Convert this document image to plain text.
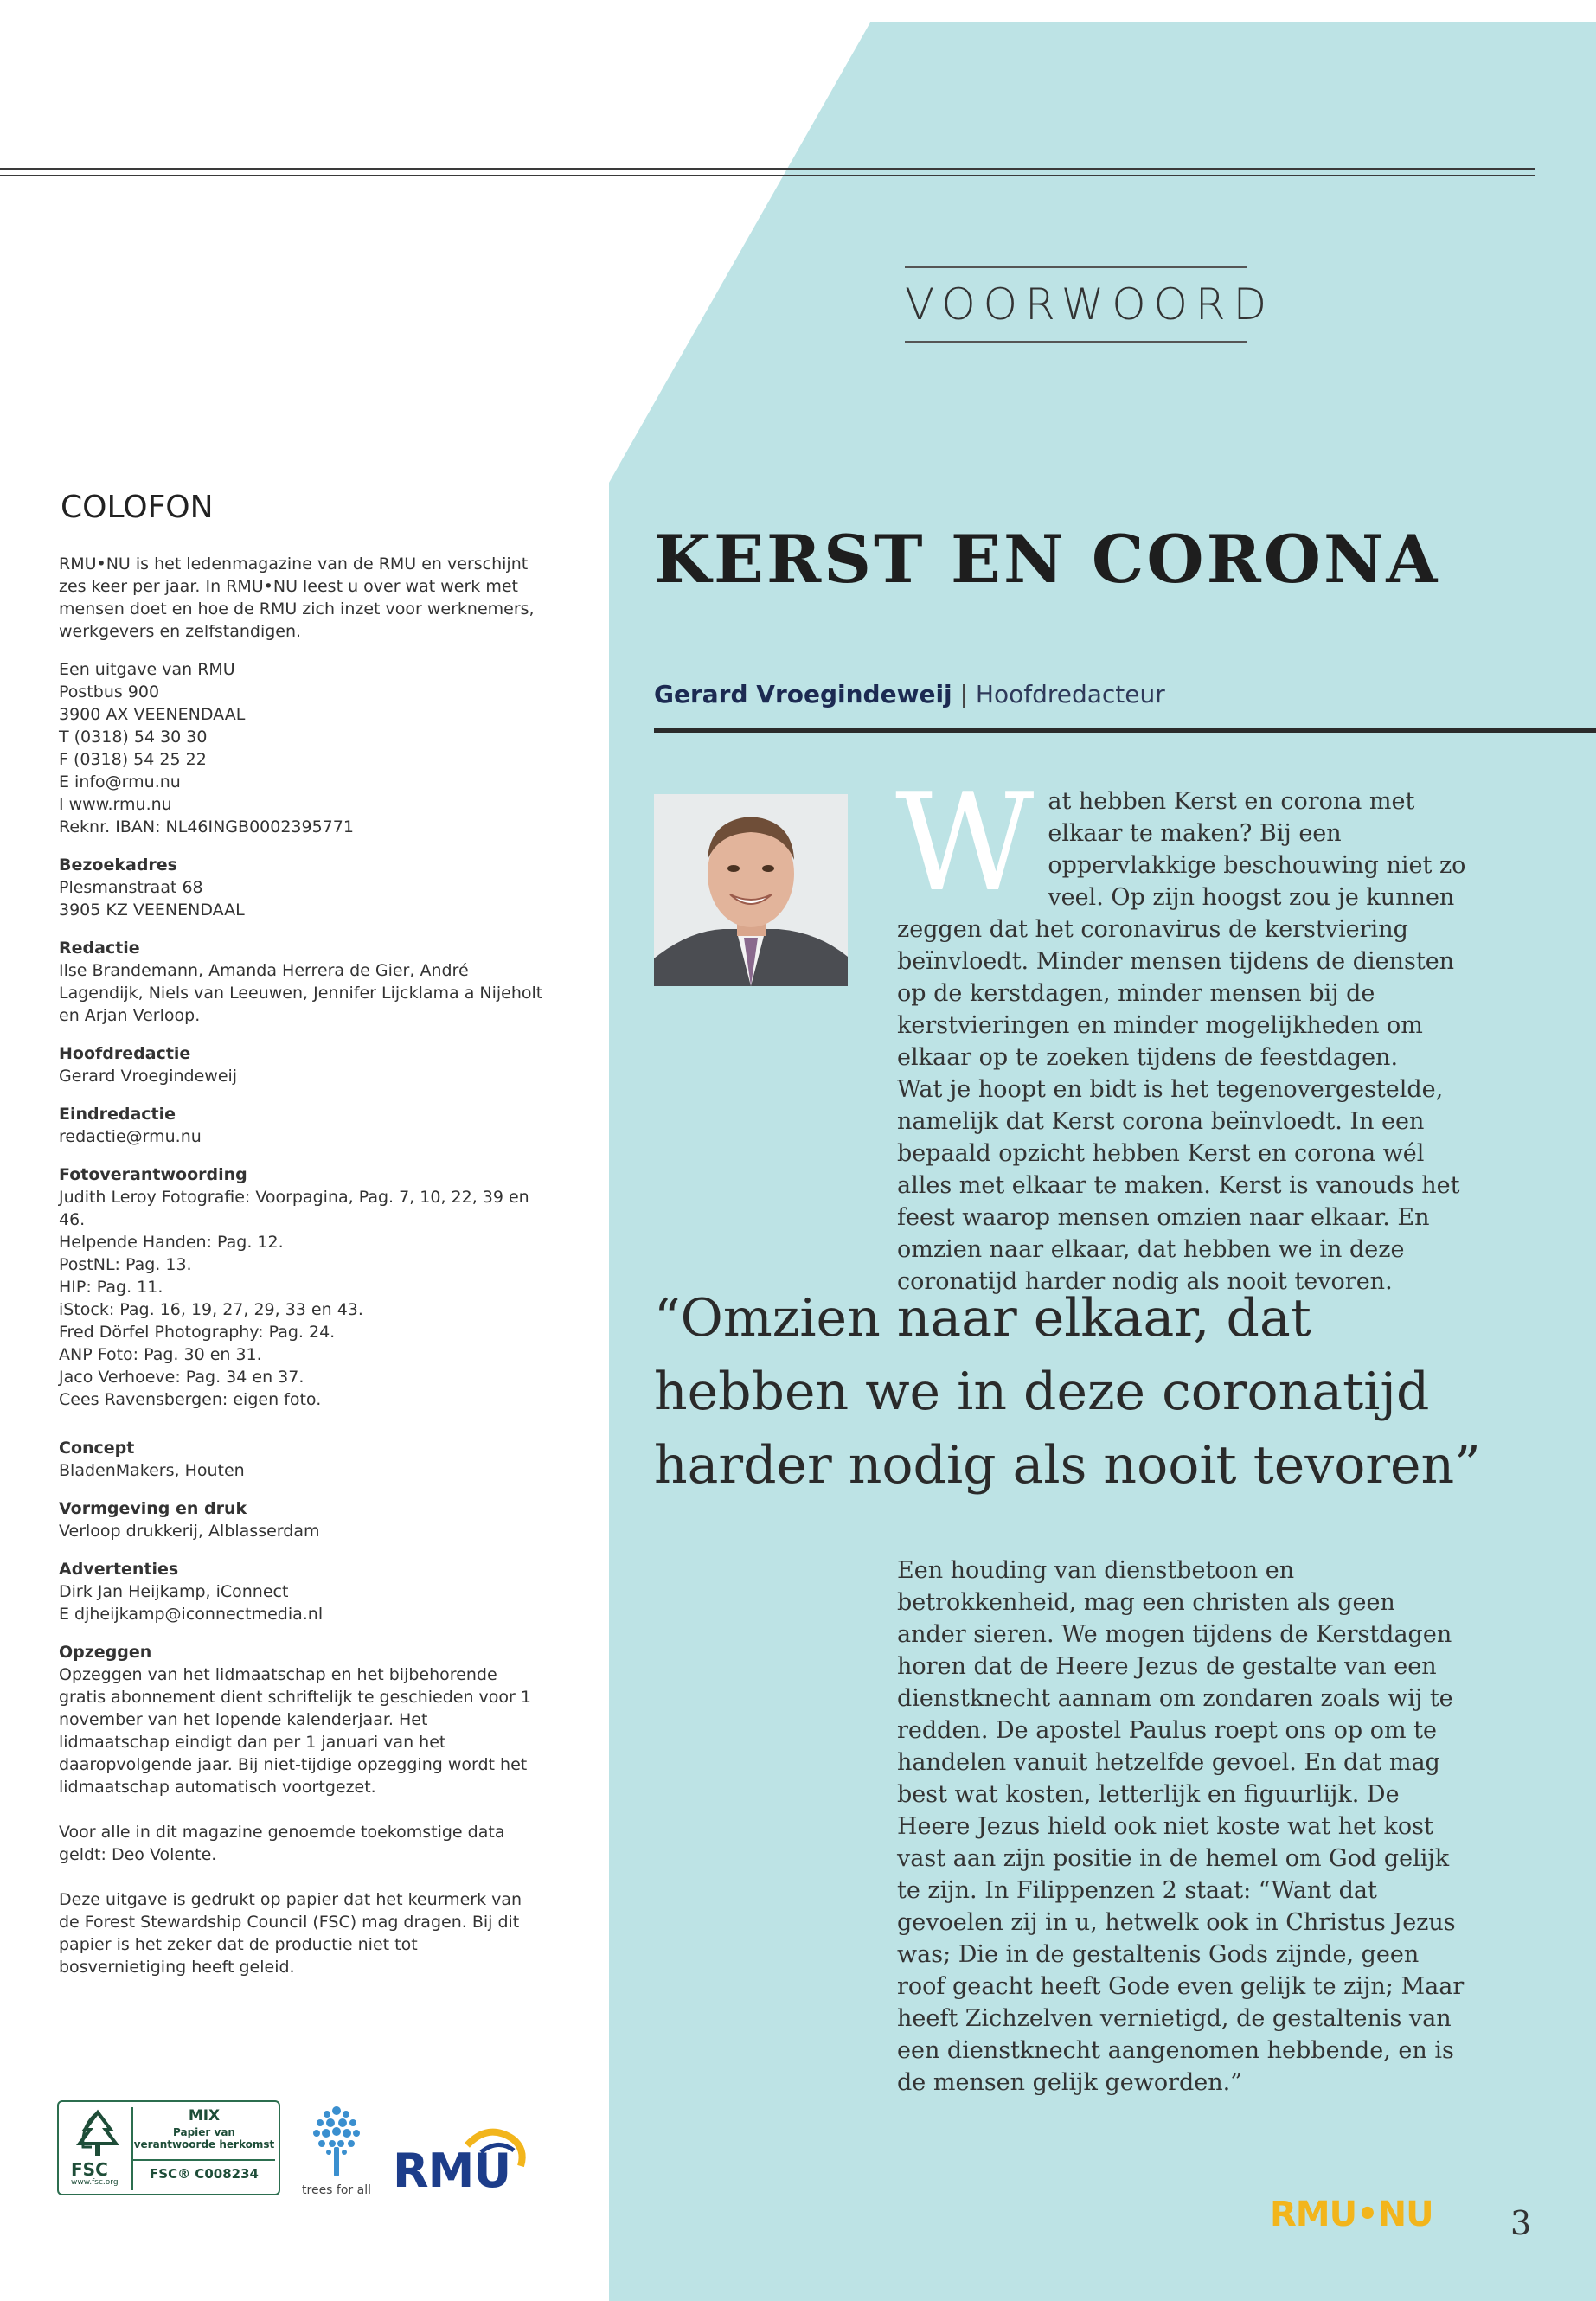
VOORWOORD
COLOFON

RMU•NU is het ledenmagazine van de RMU en verschijnt zes keer per jaar. In RMU•NU leest u over wat werk met mensen doet en hoe de RMU zich inzet voor werknemers, werkgevers en zelfstandigen.

Een uitgave van RMU
Postbus 900
3900 AX VEENENDAAL
T (0318) 54 30 30
F (0318) 54 25 22
E info@rmu.nu
I www.rmu.nu
Reknr. IBAN: NL46INGB0002395771

Bezoekadres
Plesmanstraat 68
3905 KZ VEENENDAAL

Redactie
Ilse Brandemann, Amanda Herrera de Gier, André Lagendijk, Niels van Leeuwen, Jennifer Lijcklama a Nijeholt en Arjan Verloop.

Hoofdredactie
Gerard Vroegindeweij

Eindredactie
redactie@rmu.nu

Fotoverantwoording
Judith Leroy Fotografie: Voorpagina, Pag. 7, 10, 22, 39 en 46.
Helpende Handen: Pag. 12.
PostNL: Pag. 13.
HIP: Pag. 11.
iStock: Pag. 16, 19, 27, 29, 33 en 43.
Fred Dörfel Photography: Pag. 24.
ANP Foto: Pag. 30 en 31.
Jaco Verhoeve: Pag. 34 en 37.
Cees Ravensbergen: eigen foto.

Concept
BladenMakers, Houten

Vormgeving en druk
Verloop drukkerij, Alblasserdam

Advertenties
Dirk Jan Heijkamp, iConnect
E djheijkamp@iconnectmedia.nl

Opzeggen
Opzeggen van het lidmaatschap en het bijbehorende gratis abonnement dient schriftelijk te geschieden voor 1 november van het lopende kalenderjaar. Het lidmaatschap eindigt dan per 1 januari van het daaropvolgende jaar. Bij niet-tijdige opzegging wordt het lidmaatschap automatisch voortgezet.

Voor alle in dit magazine genoemde toekomstige data geldt: Deo Volente.

Deze uitgave is gedrukt op papier dat het keurmerk van de Forest Stewardship Council (FSC) mag dragen. Bij dit papier is het zeker dat de productie niet tot bosvernietiging heeft geleid.

KERST EN CORONA
Gerard Vroegindeweij | Hoofdredacteur

Wat hebben Kerst en corona met elkaar te maken? Bij een oppervlakkige beschouwing niet zo veel. Op zijn hoogst zou je kunnen zeggen dat het coronavirus de kerstviering beïnvloedt. Minder mensen tijdens de diensten op de kerstdagen, minder mensen bij de kerstvieringen en minder mogelijkheden om elkaar op te zoeken tijdens de feestdagen.

Wat je hoopt en bidt is het tegenovergestelde, namelijk dat Kerst corona beïnvloedt. In een bepaald opzicht hebben Kerst en corona wél alles met elkaar te maken. Kerst is vanouds het feest waarop mensen omzien naar elkaar. En omzien naar elkaar, dat hebben we in deze coronatijd harder nodig als nooit tevoren.

“Omzien naar elkaar, dat hebben we in deze coronatijd harder nodig als nooit tevoren”

Een houding van dienstbetoon en betrokkenheid, mag een christen als geen ander sieren. We mogen tijdens de Kerstdagen horen dat de Heere Jezus de gestalte van een dienstknecht aannam om zondaren zoals wij te redden. De apostel Paulus roept ons op om te handelen vanuit hetzelfde gevoel. En dat mag best wat kosten, letterlijk en figuurlijk. De Heere Jezus hield ook niet koste wat het kost vast aan zijn positie in de hemel om God gelijk te zijn. In Filippenzen 2 staat: “Want dat gevoelen zij in u, hetwelk ook in Christus Jezus was; Die in de gestaltenis Gods zijnde, geen roof geacht heeft Gode even gelijk te zijn; Maar heeft Zichzelven vernietigd, de gestaltenis van een dienstknecht aangenomen hebbende, en is de mensen gelijk geworden.”

FSC
www.fsc.org
MIX
Papier van verantwoorde herkomst
FSC® C008234
trees for all RMU
RMU•NU 3
